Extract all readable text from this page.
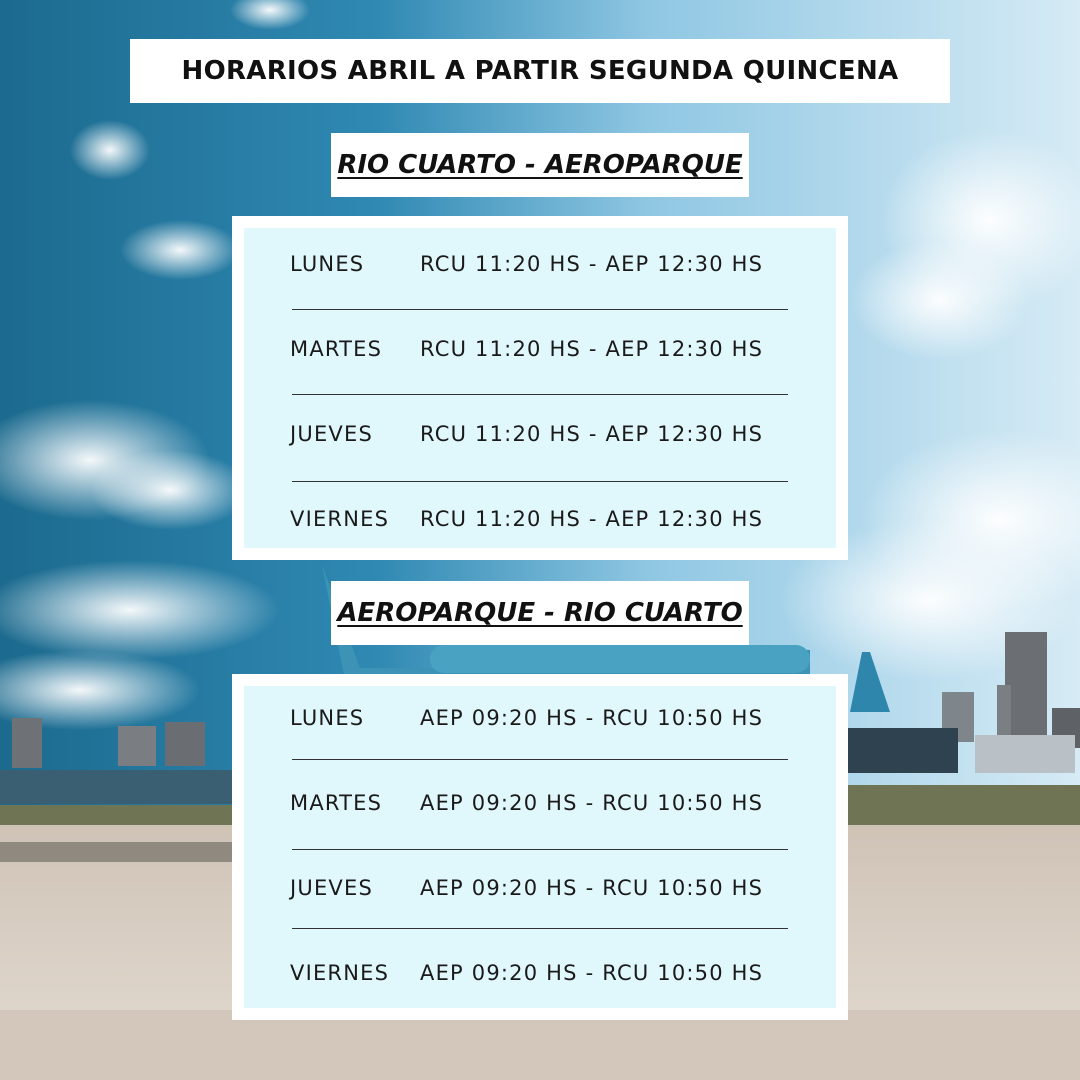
HORARIOS ABRIL A PARTIR SEGUNDA QUINCENA
RIO CUARTO - AEROPARQUE
LUNES	RCU 11:20 HS - AEP 12:30 HS
MARTES	RCU 11:20 HS - AEP 12:30 HS
JUEVES	RCU 11:20 HS - AEP 12:30 HS
VIERNES	RCU 11:20 HS - AEP 12:30 HS
AEROPARQUE - RIO CUARTO
LUNES	AEP 09:20 HS - RCU 10:50 HS
MARTES	AEP 09:20 HS - RCU 10:50 HS
JUEVES	AEP 09:20 HS - RCU 10:50 HS
VIERNES	AEP 09:20 HS - RCU 10:50 HS
